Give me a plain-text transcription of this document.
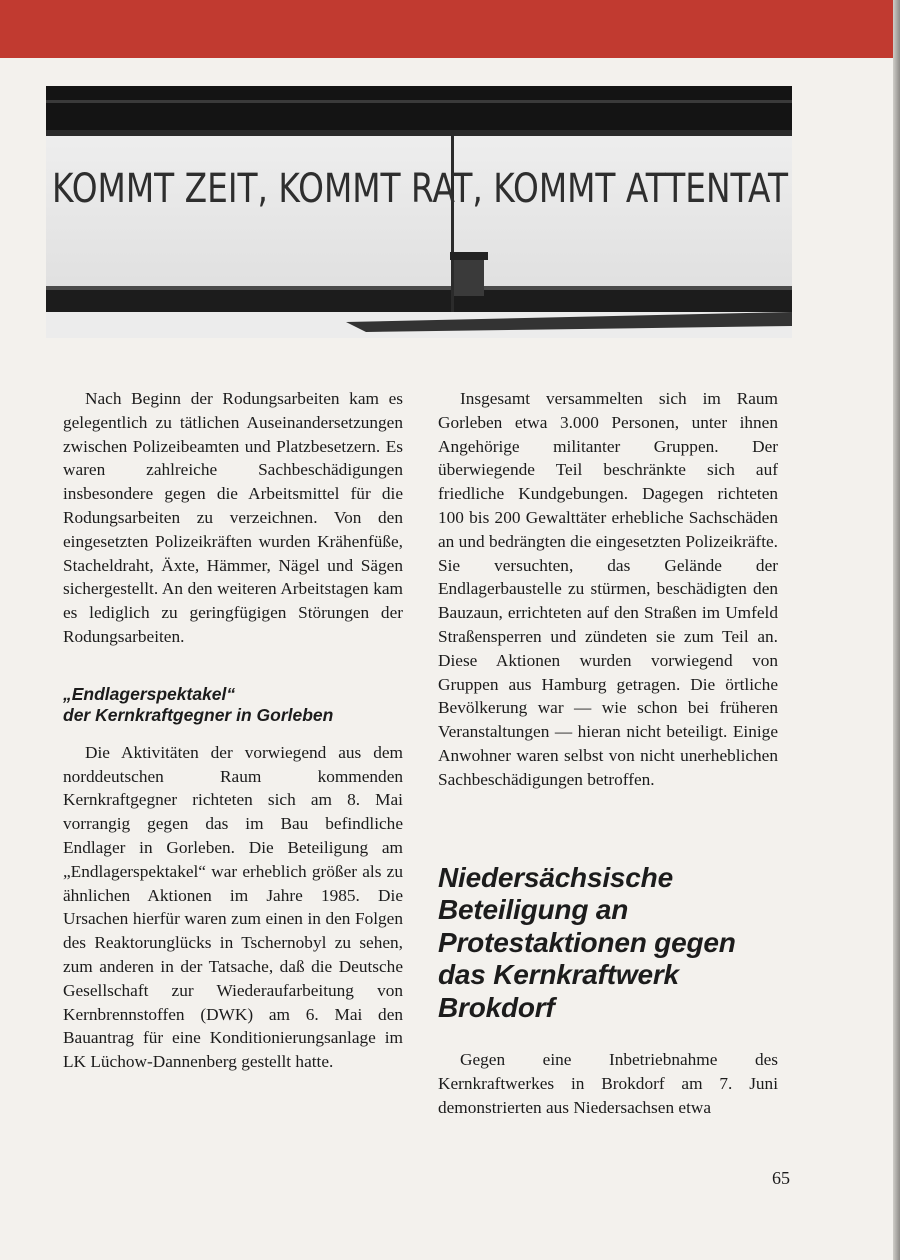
KOMMT ZEIT, KOMMT RAT, KOMMT ATTENTAT

Nach Beginn der Rodungsarbeiten kam es gelegentlich zu tätlichen Auseinandersetzungen zwischen Polizeibeamten und Platzbesetzern. Es waren zahlreiche Sachbeschädigungen insbesondere gegen die Arbeitsmittel für die Rodungsarbeiten zu verzeichnen. Von den eingesetzten Polizeikräften wurden Krähenfüße, Stacheldraht, Äxte, Hämmer, Nägel und Sägen sichergestellt. An den weiteren Arbeitstagen kam es lediglich zu geringfügigen Störungen der Rodungsarbeiten.

„Endlagerspektakel“
der Kernkraftgegner in Gorleben

Die Aktivitäten der vorwiegend aus dem norddeutschen Raum kommenden Kernkraftgegner richteten sich am 8. Mai vorrangig gegen das im Bau befindliche Endlager in Gorleben. Die Beteiligung am „Endlagerspektakel“ war erheblich größer als zu ähnlichen Aktionen im Jahre 1985. Die Ursachen hierfür waren zum einen in den Folgen des Reaktorunglücks in Tschernobyl zu sehen, zum anderen in der Tatsache, daß die Deutsche Gesellschaft zur Wiederaufarbeitung von Kernbrennstoffen (DWK) am 6. Mai den Bauantrag für eine Konditionierungsanlage im LK Lüchow-Dannenberg gestellt hatte.

Insgesamt versammelten sich im Raum Gorleben etwa 3.000 Personen, unter ihnen Angehörige militanter Gruppen. Der überwiegende Teil beschränkte sich auf friedliche Kundgebungen. Dagegen richteten 100 bis 200 Gewalttäter erhebliche Sachschäden an und bedrängten die eingesetzten Polizeikräfte. Sie versuchten, das Gelände der Endlagerbaustelle zu stürmen, beschädigten den Bauzaun, errichteten auf den Straßen im Umfeld Straßensperren und zündeten sie zum Teil an. Diese Aktionen wurden vorwiegend von Gruppen aus Hamburg getragen. Die örtliche Bevölkerung war — wie schon bei früheren Veranstaltungen — hieran nicht beteiligt. Einige Anwohner waren selbst von nicht unerheblichen Sachbeschädigungen betroffen.

Niedersächsische
Beteiligung an
Protestaktionen gegen
das Kernkraftwerk
Brokdorf

Gegen eine Inbetriebnahme des Kernkraftwerkes in Brokdorf am 7. Juni demonstrierten aus Niedersachsen etwa

65
